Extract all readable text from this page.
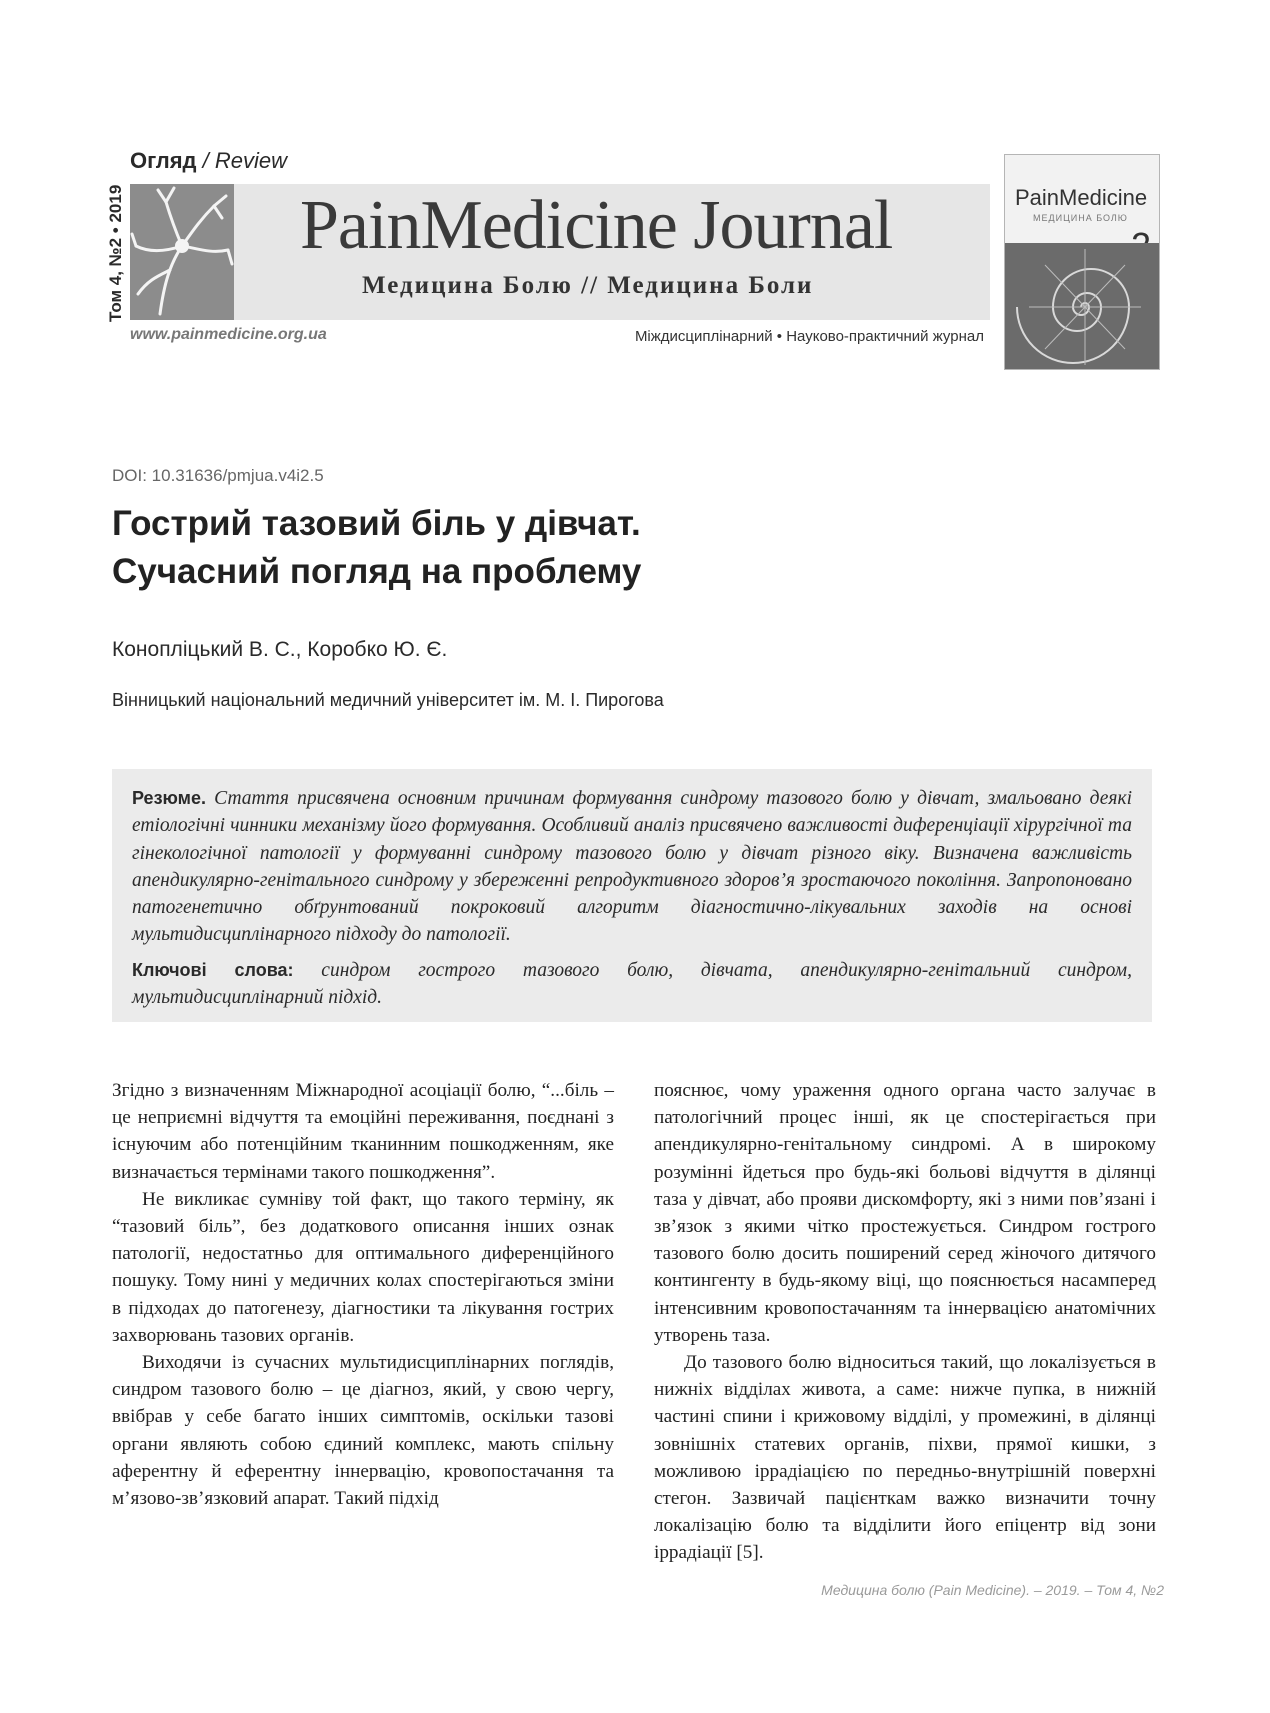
Огляд / Review
Том 4, №2 • 2019	PainMedicine Journal
Медицина Болю // Медицина Боли
www.painmedicine.org.ua	Міждисциплінарний • Науково-практичний журнал
PainMedicine
МЕДИЦИНА БОЛЮ
DOI: 10.31636/pmjua.v4i2.5
Гострий тазовий біль у дівчат.
Сучасний погляд на проблему
Конопліцький В. С., Коробко Ю. Є.
Вінницький національний медичний університет ім. М. І. Пирогова

Резюме. Стаття присвячена основним причинам формування синдрому тазового болю у дівчат, змальовано деякі етіологічні чинники механізму його формування. Особливий аналіз присвячено важливості диференціації хірургічної та гінекологічної патології у формуванні синдрому тазового болю у дівчат різного віку. Визначена важливість апендикулярно-генітального синдрому у збереженні репродуктивного здоров’я зростаючого покоління. Запропоновано патогенетично обґрунтований покроковий алгоритм діагностично-лікувальних заходів на основі мультидисциплінарного підходу до патології.

Ключові слова: синдром гострого тазового болю, дівчата, апендикулярно-генітальний синдром, мультидисциплінарний підхід.

Згідно з визначенням Міжнародної асоціації болю, “...біль – це неприємні відчуття та емоційні переживання, поєднані з існуючим або потенційним тканинним пошкодженням, яке визначається термінами такого пошкодження”.

Не викликає сумніву той факт, що такого терміну, як “тазовий біль”, без додаткового описання інших ознак патології, недостатньо для оптимального диференційного пошуку. Тому нині у медичних колах спостерігаються зміни в підходах до патогенезу, діагностики та лікування гострих захворювань тазових органів.

Виходячи із сучасних мультидисциплінарних поглядів, синдром тазового болю – це діагноз, який, у свою чергу, ввібрав у себе багато інших симптомів, оскільки тазові органи являють собою єдиний комплекс, мають спільну аферентну й еферентну іннервацію, кровопостачання та м’язово-зв’язковий апарат. Такий підхід

пояснює, чому ураження одного органа часто залучає в патологічний процес інші, як це спостерігається при апендикулярно-генітальному синдромі. А в широкому розумінні йдеться про будь-які больові відчуття в ділянці таза у дівчат, або прояви дискомфорту, які з ними пов’язані і зв’язок з якими чітко простежується. Синдром гострого тазового болю досить поширений серед жіночого дитячого контингенту в будь-якому віці, що пояснюється насамперед інтенсивним кровопостачанням та іннервацією анатомічних утворень таза.

До тазового болю відноситься такий, що локалізується в нижніх відділах живота, а саме: нижче пупка, в нижній частині спини і крижовому відділі, у промежині, в ділянці зовнішніх статевих органів, піхви, прямої кишки, з можливою іррадіацією по передньо-внутрішній поверхні стегон. Зазвичай пацієнткам важко визначити точну локалізацію болю та відділити його епіцентр від зони іррадіації [5].

Медицина болю (Pain Medicine). – 2019. – Том 4, №2
